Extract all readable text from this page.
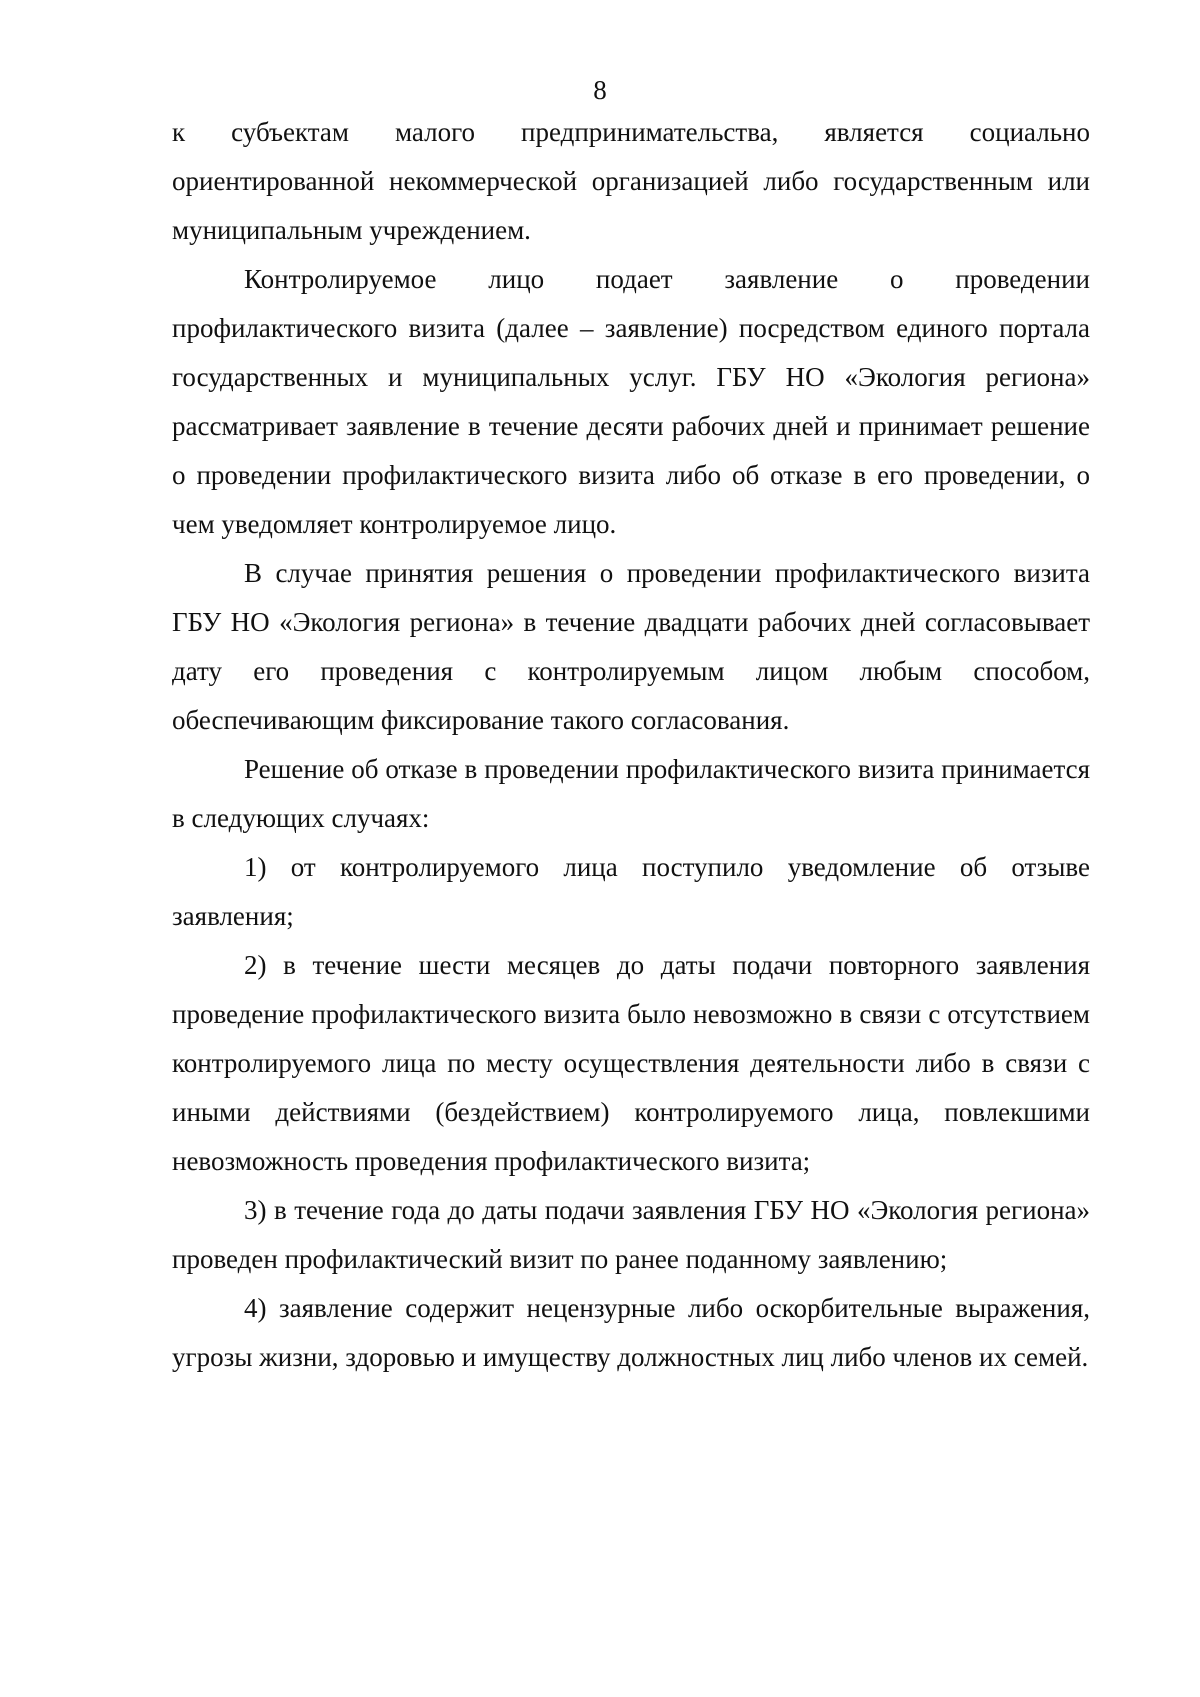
8

к субъектам малого предпринимательства, является социально ориентированной некоммерческой организацией либо государственным или муниципальным учреждением.

Контролируемое лицо подает заявление о проведении профилактического визита (далее – заявление) посредством единого портала государственных и муниципальных услуг. ГБУ НО «Экология региона» рассматривает заявление в течение десяти рабочих дней и принимает решение о проведении профилактического визита либо об отказе в его проведении, о чем уведомляет контролируемое лицо.

В случае принятия решения о проведении профилактического визита ГБУ НО «Экология региона» в течение двадцати рабочих дней согласовывает дату его проведения с контролируемым лицом любым способом, обеспечивающим фиксирование такого согласования.

Решение об отказе в проведении профилактического визита принимается в следующих случаях:

1) от контролируемого лица поступило уведомление об отзыве заявления;

2) в течение шести месяцев до даты подачи повторного заявления проведение профилактического визита было невозможно в связи с отсутствием контролируемого лица по месту осуществления деятельности либо в связи с иными действиями (бездействием) контролируемого лица, повлекшими невозможность проведения профилактического визита;

3) в течение года до даты подачи заявления ГБУ НО «Экология региона» проведен профилактический визит по ранее поданному заявлению;

4) заявление содержит нецензурные либо оскорбительные выражения, угрозы жизни, здоровью и имуществу должностных лиц либо членов их семей.
